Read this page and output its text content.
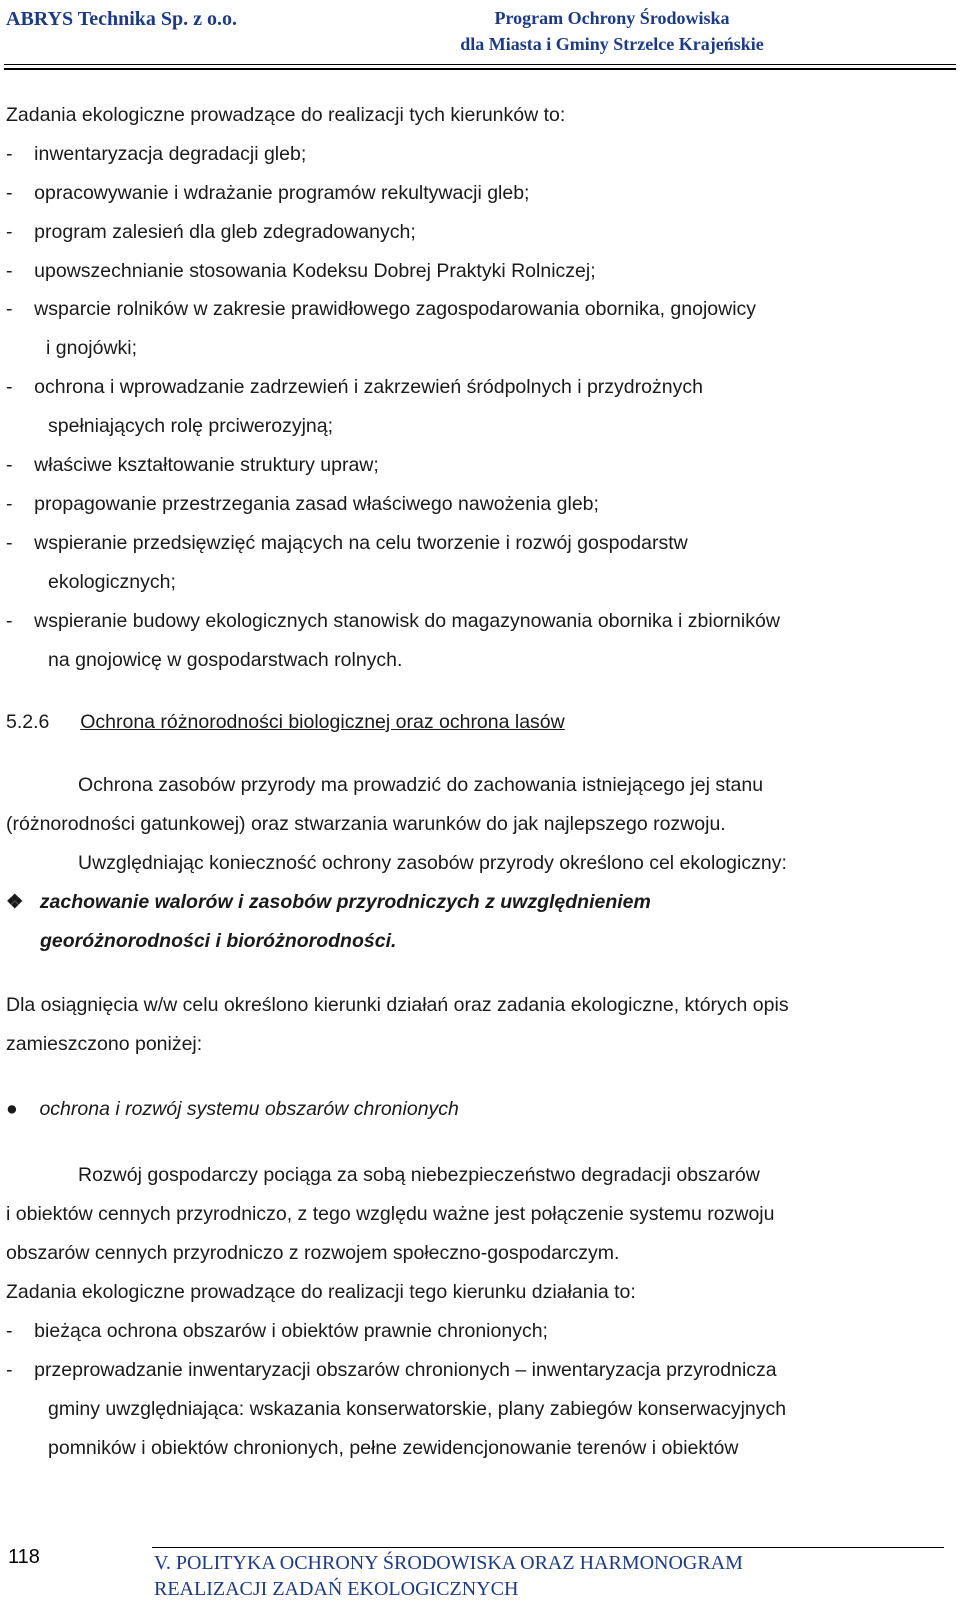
ABRYS Technika Sp. z o.o.	Program Ochrony Środowiska
dla Miasta i Gminy Strzelce Krajeńskie
Zadania ekologiczne prowadzące do realizacji tych kierunków to:
-    inwentaryzacja degradacji gleb;
-    opracowywanie i wdrażanie programów rekultywacji gleb;
-    program zalesień dla gleb zdegradowanych;
-    upowszechnianie stosowania Kodeksu Dobrej Praktyki Rolniczej;
-    wsparcie rolników w zakresie prawidłowego zagospodarowania obornika, gnojowicy
i gnojówki;
-    ochrona i wprowadzanie zadrzewień i zakrzewień śródpolnych i przydrożnych
spełniających rolę prciwerozyjną;
-    właściwe kształtowanie struktury upraw;
-    propagowanie przestrzegania zasad właściwego nawożenia gleb;
-    wspieranie przedsięwzięć mających na celu tworzenie i rozwój gospodarstw
ekologicznych;
-    wspieranie budowy ekologicznych stanowisk do magazynowania obornika i zbiorników
na gnojowicę w gospodarstwach rolnych.
5.2.6 Ochrona różnorodności biologicznej oraz ochrona lasów
Ochrona zasobów przyrody ma prowadzić do zachowania istniejącego jej stanu
(różnorodności gatunkowej) oraz stwarzania warunków do jak najlepszego rozwoju.
Uwzględniając konieczność ochrony zasobów przyrody określono cel ekologiczny:
❖   zachowanie walorów i zasobów przyrodniczych z uwzględnieniem
georóżnorodności i bioróżnorodności.
Dla osiągnięcia w/w celu określono kierunki działań oraz zadania ekologiczne, których opis
zamieszczono poniżej:
●    ochrona i rozwój systemu obszarów chronionych
Rozwój gospodarczy pociąga za sobą niebezpieczeństwo degradacji obszarów
i obiektów cennych przyrodniczo, z tego względu ważne jest połączenie systemu rozwoju
obszarów cennych przyrodniczo z rozwojem społeczno-gospodarczym.
Zadania ekologiczne prowadzące do realizacji tego kierunku działania to:
-    bieżąca ochrona obszarów i obiektów prawnie chronionych;
-    przeprowadzanie inwentaryzacji obszarów chronionych – inwentaryzacja przyrodnicza
gminy uwzględniająca: wskazania konserwatorskie, plany zabiegów konserwacyjnych
pomników i obiektów chronionych, pełne zewidencjonowanie terenów i obiektów
118	V. POLITYKA OCHRONY ŚRODOWISKA ORAZ HARMONOGRAM
REALIZACJI ZADAŃ EKOLOGICZNYCH
